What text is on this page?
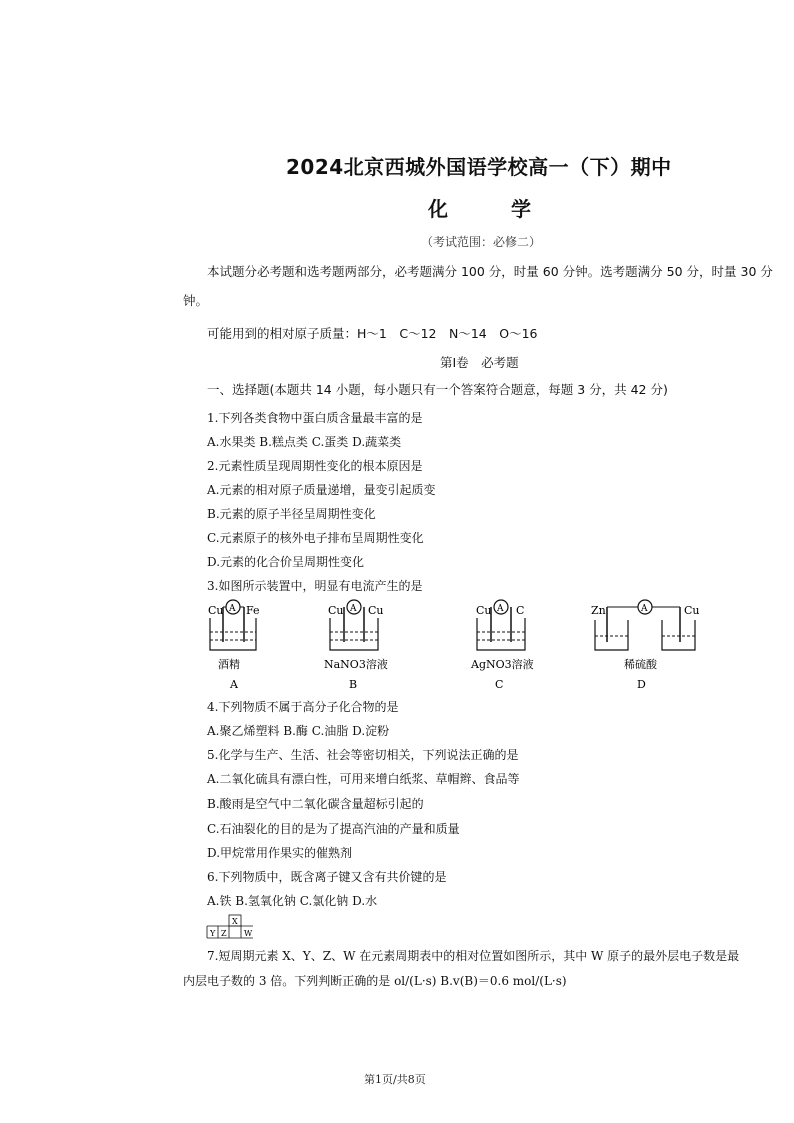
2024北京西城外国语学校高一（下）期中
化 学
（考试范围：必修二）
本试题分必考题和选考题两部分，必考题满分 100 分，时量 60 分钟。选考题满分 50 分，时量 30 分
钟。
可能用到的相对原子质量：H～1　C～12　N～14　O～16
第Ⅰ卷　必考题
一、选择题(本题共 14 小题，每小题只有一个答案符合题意，每题 3 分，共 42 分)
1.下列各类食物中蛋白质含量最丰富的是
A.水果类 B.糕点类 C.蛋类 D.蔬菜类
2.元素性质呈现周期性变化的根本原因是
A.元素的相对原子质量递增，量变引起质变
B.元素的原子半径呈周期性变化
C.元素原子的核外电子排布呈周期性变化
D.元素的化合价呈周期性变化
3.如图所示装置中，明显有电流产生的是
Cu Fe
A
酒精
A
Cu Cu
A
NaNO3溶液
B
Cu C
A
AgNO3溶液
C
Zn	Cu
A
稀硫酸
D
4.下列物质不属于高分子化合物的是
A.聚乙烯塑料 B.酶 C.油脂 D.淀粉
5.化学与生产、生活、社会等密切相关，下列说法正确的是
A.二氧化硫具有漂白性，可用来增白纸浆、草帽辫、食品等
B.酸雨是空气中二氧化碳含量超标引起的
C.石油裂化的目的是为了提高汽油的产量和质量
D.甲烷常用作果实的催熟剂
6.下列物质中，既含离子键又含有共价键的是
A.铁 B.氢氧化钠 C.氯化钠 D.水
X
Y Z W
7.短周期元素 X、Y、Z、W 在元素周期表中的相对位置如图所示，其中 W 原子的最外层电子数是最
内层电子数的 3 倍。下列判断正确的是 ol/(L·s) B.v(B)＝0.6 mol/(L·s)
第1页/共8页
